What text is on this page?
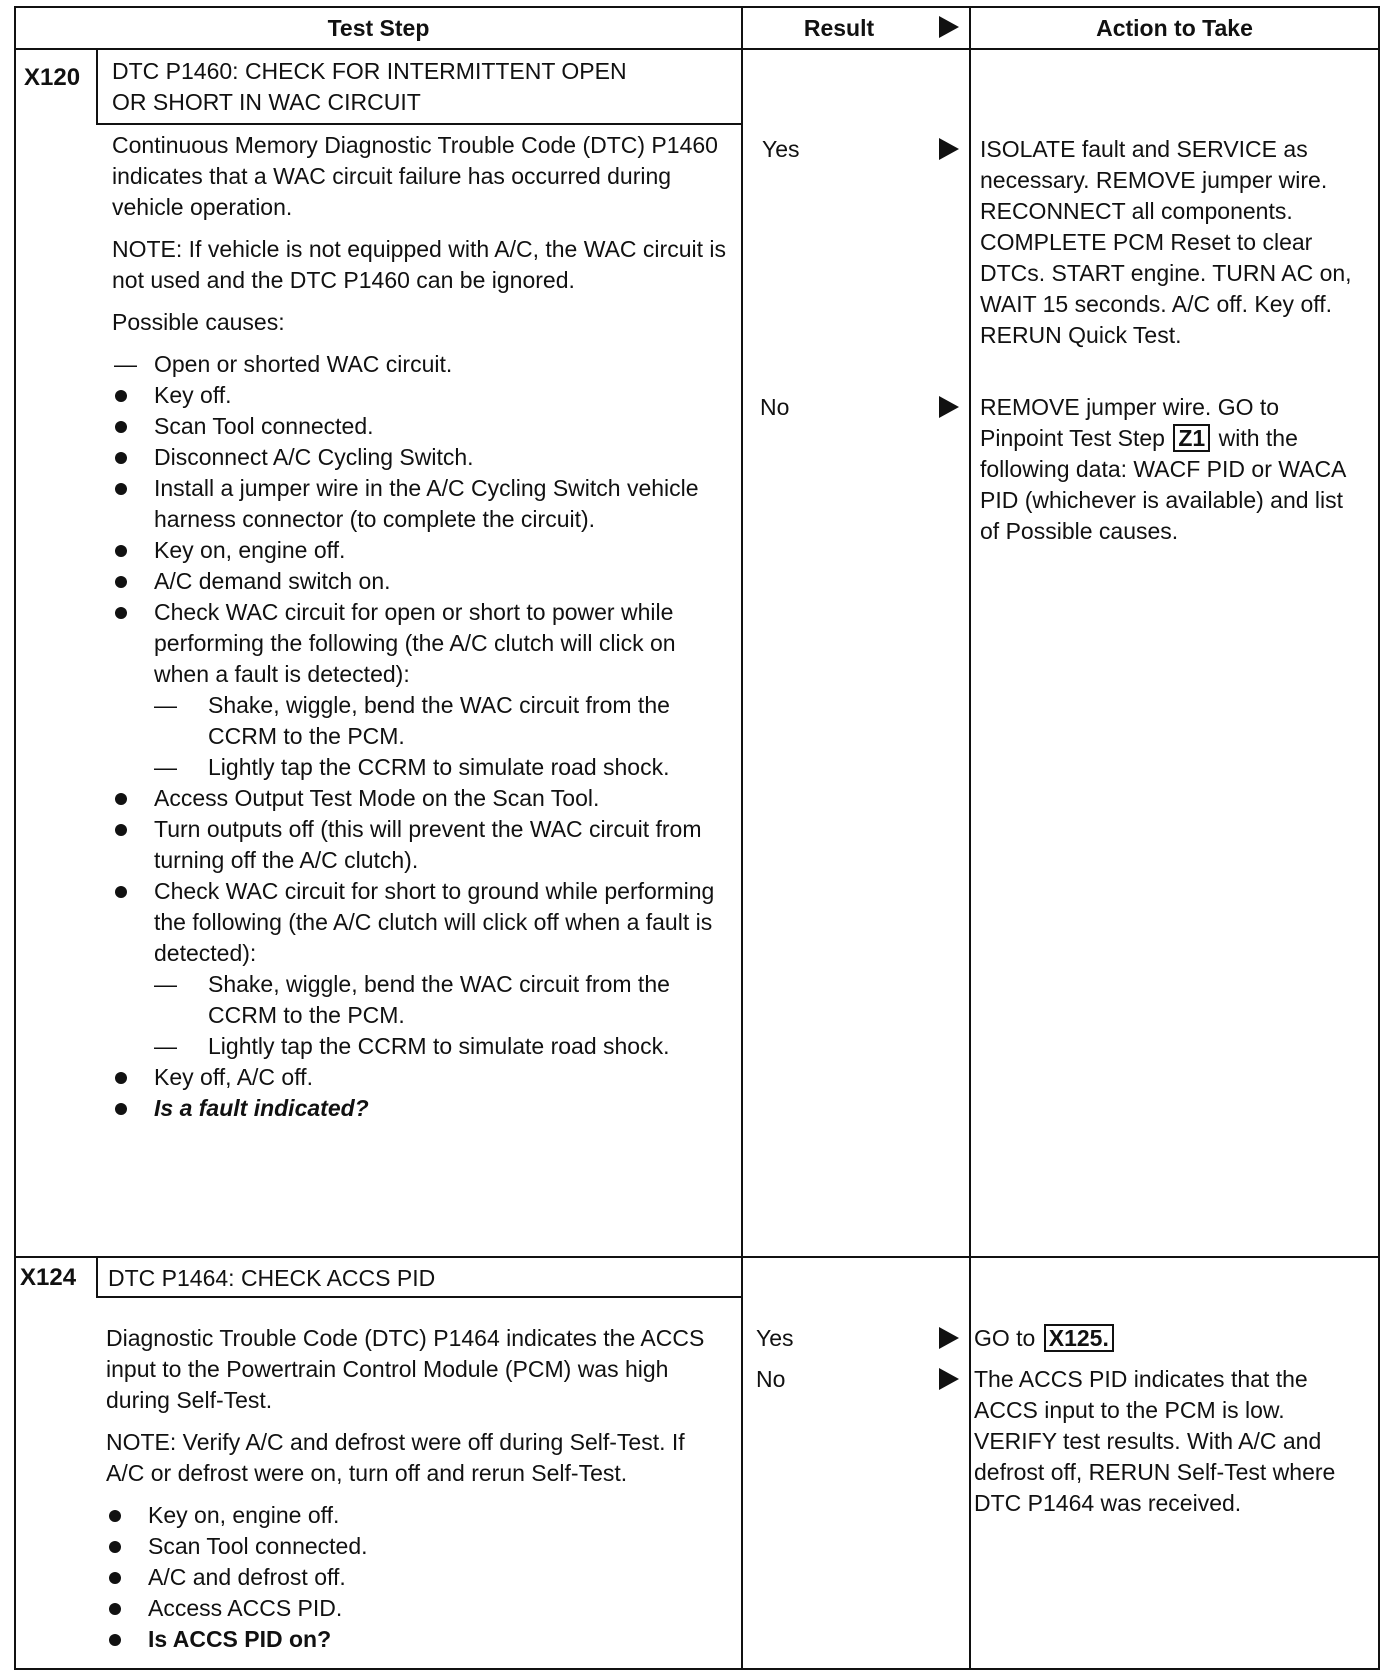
Test Step	Result	Action to Take
X120 DTC P1460: CHECK FOR INTERMITTENT OPEN
OR SHORT IN WAC CIRCUIT

Continuous Memory Diagnostic Trouble Code (DTC) P1460 indicates that a WAC circuit failure has occurred during vehicle operation.

NOTE: If vehicle is not equipped with A/C, the WAC circuit is not used and the DTC P1460 can be ignored.

Possible causes:

— Open or shorted WAC circuit.
Key off.
Scan Tool connected.
Disconnect A/C Cycling Switch.
Install a jumper wire in the A/C Cycling Switch vehicle harness connector (to complete the circuit).
Key on, engine off.
A/C demand switch on.
Check WAC circuit for open or short to power while performing the following (the A/C clutch will click on when a fault is detected):
— Shake, wiggle, bend the WAC circuit from the CCRM to the PCM.
— Lightly tap the CCRM to simulate road shock.
Access Output Test Mode on the Scan Tool.
Turn outputs off (this will prevent the WAC circuit from turning off the A/C clutch).
Check WAC circuit for short to ground while performing the following (the A/C clutch will click off when a fault is detected):
— Shake, wiggle, bend the WAC circuit from the CCRM to the PCM.
— Lightly tap the CCRM to simulate road shock.
Key off, A/C off.
Is a fault indicated?
Yes
No
ISOLATE fault and SERVICE as necessary. REMOVE jumper wire. RECONNECT all components. COMPLETE PCM Reset to clear DTCs. START engine. TURN AC on, WAIT 15 seconds. A/C off. Key off. RERUN Quick Test.
REMOVE jumper wire. GO to Pinpoint Test Step Z1 with the following data: WACF PID or WACA PID (whichever is available) and list of Possible causes.
X124 DTC P1464: CHECK ACCS PID

Diagnostic Trouble Code (DTC) P1464 indicates the ACCS input to the Powertrain Control Module (PCM) was high during Self-Test.

NOTE: Verify A/C and defrost were off during Self-Test. If A/C or defrost were on, turn off and rerun Self-Test.

Key on, engine off.
Scan Tool connected.
A/C and defrost off.
Access ACCS PID.
Is ACCS PID on?
Yes
No
GO to X125.
The ACCS PID indicates that the ACCS input to the PCM is low. VERIFY test results. With A/C and defrost off, RERUN Self-Test where DTC P1464 was received.
